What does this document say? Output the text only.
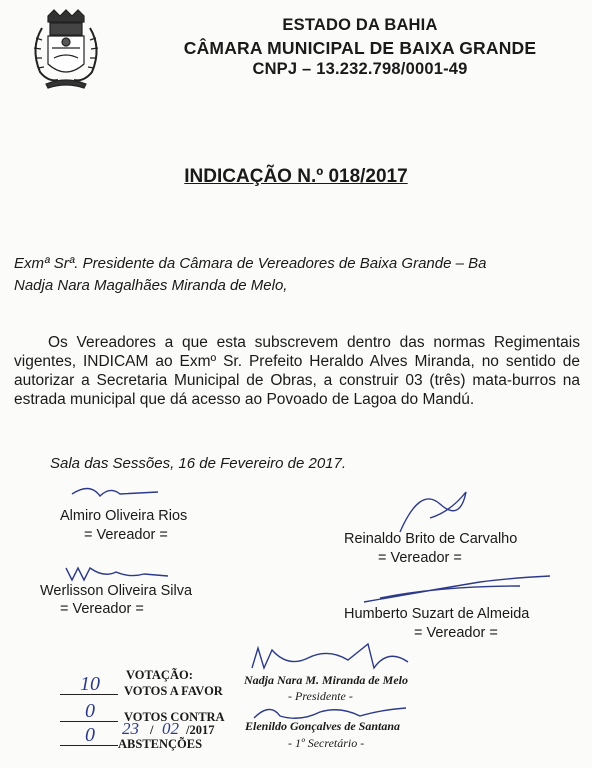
ESTADO DA BAHIA
CÂMARA MUNICIPAL DE BAIXA GRANDE
CNPJ – 13.232.798/0001-49
INDICAÇÃO N.º 018/2017
Exmª Srª. Presidente da Câmara de Vereadores de Baixa Grande – Ba
Nadja Nara Magalhães Miranda de Melo,

Os Vereadores a que esta subscrevem dentro das normas Regimentais vigentes, INDICAM ao Exmº Sr. Prefeito Heraldo Alves Miranda, no sentido de autorizar a Secretaria Municipal de Obras, a construir 03 (três) mata-burros na estrada municipal que dá acesso ao Povoado de Lagoa do Mandú.

Sala das Sessões, 16 de Fevereiro de 2017.
Almiro Oliveira Rios
= Vereador =	Reinaldo Brito de Carvalho
= Vereador =
Werlisson Oliveira Silva
= Vereador =	Humberto Suzart de Almeida
= Vereador =
VOTAÇÃO:
10	VOTOS A FAVOR
0	VOTOS CONTRA
23 / 02 /2017
0	ABSTENÇÕES
Nadja Nara M. Miranda de Melo
- Presidente -
Elenildo Gonçalves de Santana
- 1º Secretário -
